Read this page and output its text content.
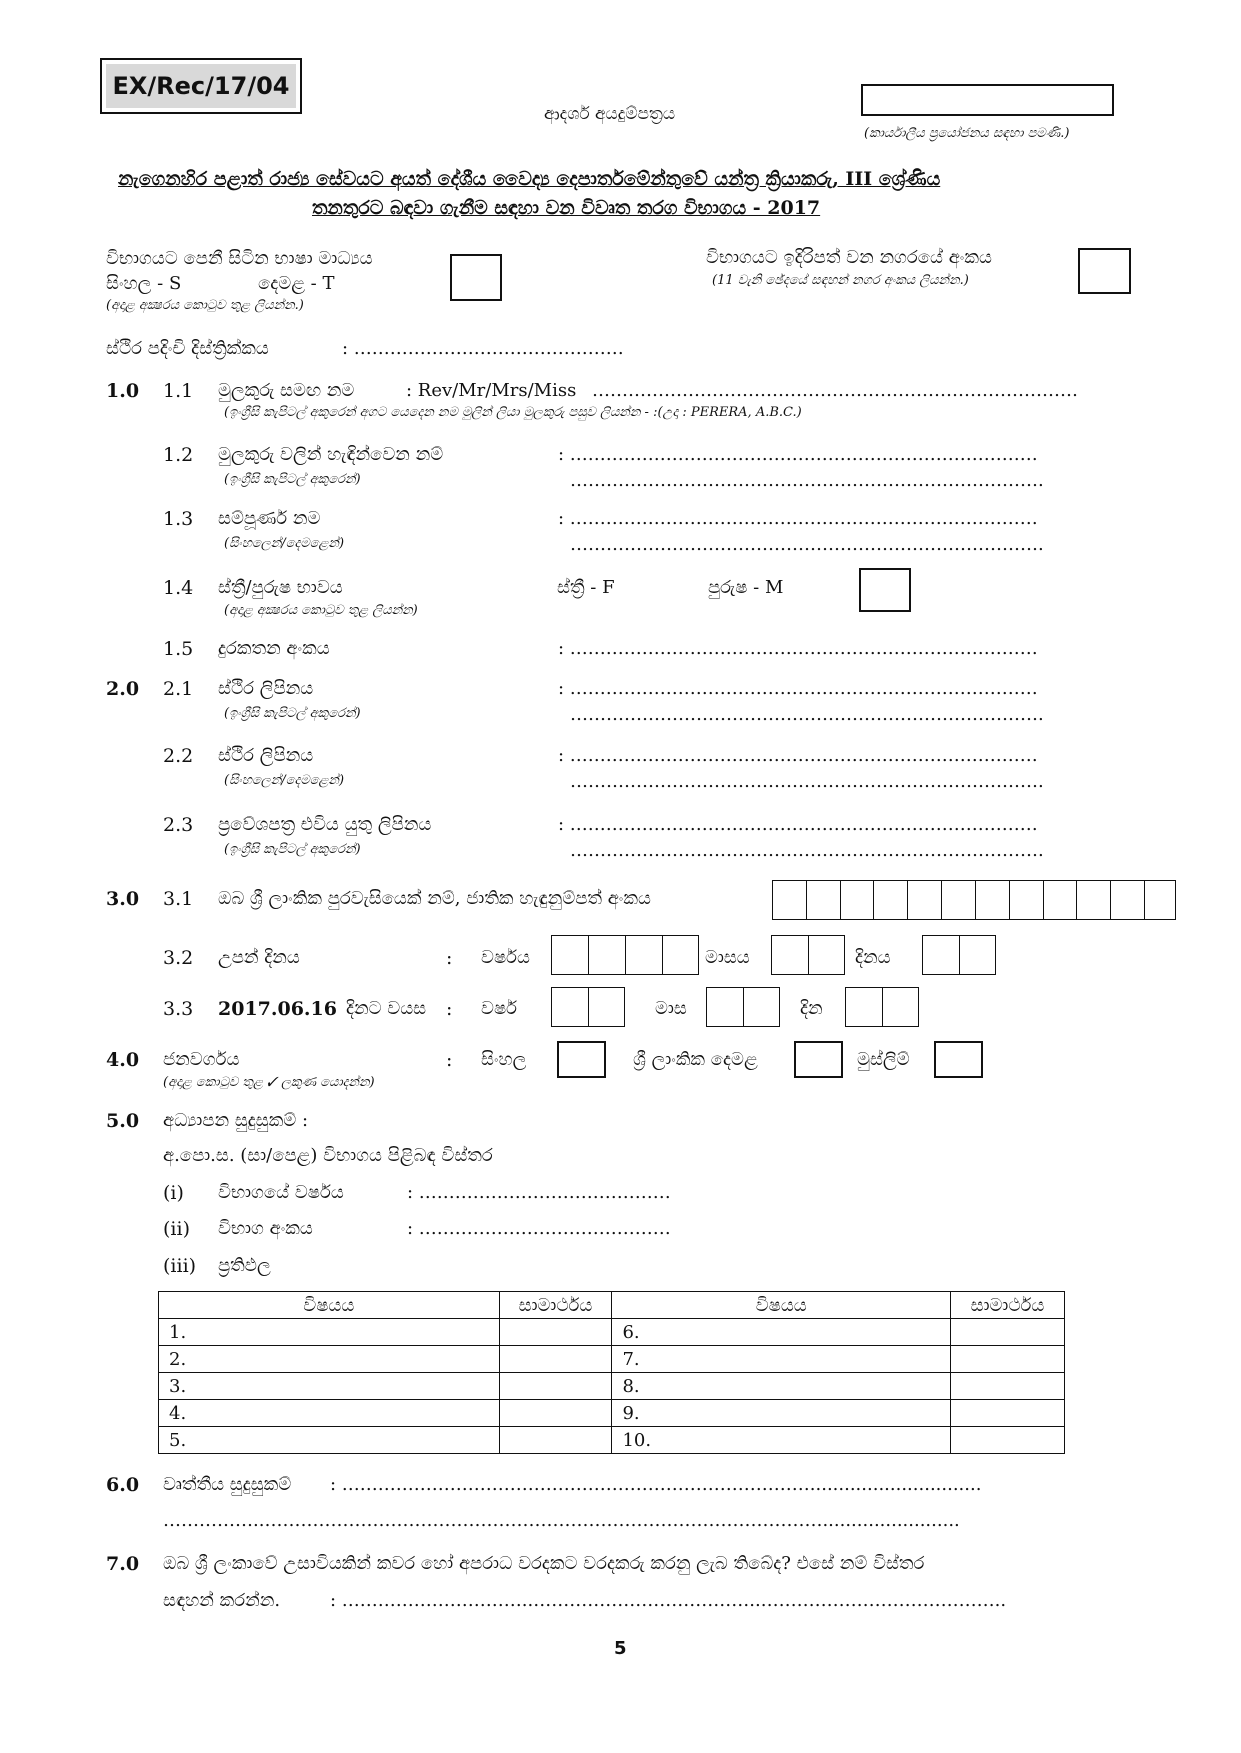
EX/Rec/17/04
ආදර්ශ අයදුම්පත්‍රය
(කාර්යාලීය ප්‍රයෝජනය සඳහා පමණි.)
නැගෙනහිර පළාත් රාජ්‍ය සේවයට අයත් දේශීය වෛද්‍ය දෙපාර්තමේන්තුවේ යන්ත්‍ර ක්‍රියාකරු, III ශ්‍රේණිය
තනතුරට බඳවා ගැනීම සඳහා වන විවෘත තරග විභාගය - 2017
විභාගයට පෙනී සිටින භාෂා මාධ්‍යය
සිංහල - S	දෙමළ - T
(අදාළ අක්‍ෂරය කොටුව තුළ ලියන්න.)
විභාගයට ඉදිරිපත් වන නගරයේ අංකය
(11 වැනි ඡේදයේ සඳහන් නගර අංකය ලියන්න.)
ස්ථිර පදිංචි දිස්ත්‍රික්කය	: ………………………………………
1.0 1.1 මුලකුරු සමඟ නම	: Rev/Mr/Mrs/Miss ………………………………………………………………………
(ඉංග්‍රීසි කැපිටල් අකුරෙන් අගට යෙදෙන නම මුලින් ලියා මුලකුරු පසුව ලියන්න - :(උදා : PERERA, A.B.C.)
1.2 මුලකුරු වලින් හැඳින්වෙන නම්
(ඉංග්‍රීසි කැපිටල් අකුරෙන්)
: ……………………………………………………………………
…………………………………………………………………….
1.3 සම්පූර්ණ නම
(සිංහලෙන්/දෙමළෙන්)
: ……………………………………………………………………
…………………………………………………………………….
1.4 ස්ත්‍රී/පුරුෂ භාවය
(අදාළ අක්‍ෂරය කොටුව තුළ ලියන්න)
ස්ත්‍රී - F	පුරුෂ - M
1.5 දුරකතන අංකය	: ……………………………………………………………………
2.0 2.1 ස්ථිර ලිපිනය
(ඉංග්‍රීසි කැපිටල් අකුරෙන්)
: ……………………………………………………………………
…………………………………………………………………….
2.2 ස්ථිර ලිපිනය
(සිංහලෙන්/දෙමළෙන්)
: ……………………………………………………………………
…………………………………………………………………….
2.3 ප්‍රවේශපත්‍ර එවිය යුතු ලිපිනය
(ඉංග්‍රීසි කැපිටල් අකුරෙන්)
: ……………………………………………………………………
…………………………………………………………………….
3.0 3.1 ඔබ ශ්‍රී ලාංකික පුරවැසියෙක් නම්, ජාතික හැඳුනුම්පත් අංකය
3.2 උපන් දිනය	: වර්ෂය	මාසය	දිනය
3.3 2017.06.16 දිනට වයස : වර්ෂ	මාස	දින
4.0 ජනවර්ගය
(අදාළ කොටුව තුළ ✓ ලකුණ යොදන්න)
: සිංහල	ශ්‍රී ලාංකික දෙමළ	මුස්ලිම්
5.0 අධ්‍යාපන සුදුසුකම් :
අ.පො.ස. (සා/පෙළ) විභාගය පිළිබඳ විස්තර
(i) විභාගයේ වර්ෂය	: ……………………………………
(ii) විභාග අංකය	: ……………………………………
(iii) ප්‍රතිඵල
විෂයය	සාමාර්ථය	විෂයය	සාමාර්ථය
1.		6.	
2.		7.	
3.		8.	
4.		9.	
5.		10.	
6.0 වෘත්තීය සුදුසුකම් : ……………………………………………………………………..............................
……………..…………………………………………………………………………………........................
7.0 ඔබ ශ්‍රී ලංකාවේ උසාවියකින් කවර හෝ අපරාධ වරදකට වරදකරු කරනු ලැබ තිබේද? එසේ නම් විස්තර
සඳහන් කරන්න.	: …………………………..………………………………..…………………………………..
5
